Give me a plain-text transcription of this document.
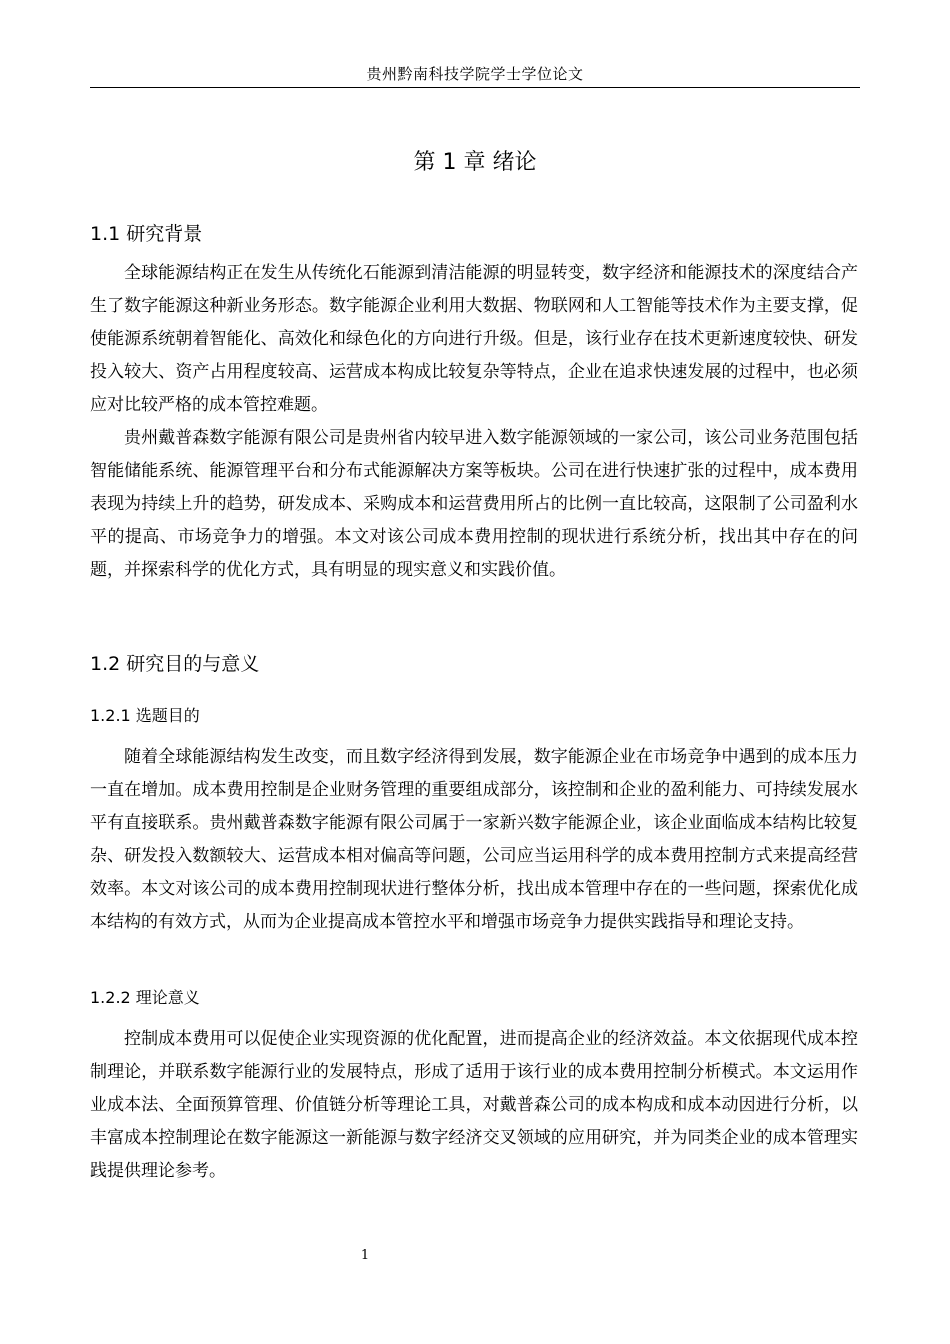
贵州黔南科技学院学士学位论文
第 1 章 绪论
1.1 研究背景

全球能源结构正在发生从传统化石能源到清洁能源的明显转变，数字经济和能源技术的深度结合产生了数字能源这种新业务形态。数字能源企业利用大数据、物联网和人工智能等技术作为主要支撑，促使能源系统朝着智能化、高效化和绿色化的方向进行升级。但是，该行业存在技术更新速度较快、研发投入较大、资产占用程度较高、运营成本构成比较复杂等特点，企业在追求快速发展的过程中，也必须应对比较严格的成本管控难题。

贵州戴普森数字能源有限公司是贵州省内较早进入数字能源领域的一家公司，该公司业务范围包括智能储能系统、能源管理平台和分布式能源解决方案等板块。公司在进行快速扩张的过程中，成本费用表现为持续上升的趋势，研发成本、采购成本和运营费用所占的比例一直比较高，这限制了公司盈利水平的提高、市场竞争力的增强。本文对该公司成本费用控制的现状进行系统分析，找出其中存在的问题，并探索科学的优化方式，具有明显的现实意义和实践价值。

1.2 研究目的与意义
1.2.1 选题目的

随着全球能源结构发生改变，而且数字经济得到发展，数字能源企业在市场竞争中遇到的成本压力一直在增加。成本费用控制是企业财务管理的重要组成部分，该控制和企业的盈利能力、可持续发展水平有直接联系。贵州戴普森数字能源有限公司属于一家新兴数字能源企业，该企业面临成本结构比较复杂、研发投入数额较大、运营成本相对偏高等问题，公司应当运用科学的成本费用控制方式来提高经营效率。本文对该公司的成本费用控制现状进行整体分析，找出成本管理中存在的一些问题，探索优化成本结构的有效方式，从而为企业提高成本管控水平和增强市场竞争力提供实践指导和理论支持。

1.2.2 理论意义

控制成本费用可以促使企业实现资源的优化配置，进而提高企业的经济效益。本文依据现代成本控制理论，并联系数字能源行业的发展特点，形成了适用于该行业的成本费用控制分析模式。本文运用作业成本法、全面预算管理、价值链分析等理论工具，对戴普森公司的成本构成和成本动因进行分析，以丰富成本控制理论在数字能源这一新能源与数字经济交叉领域的应用研究，并为同类企业的成本管理实践提供理论参考。

1
